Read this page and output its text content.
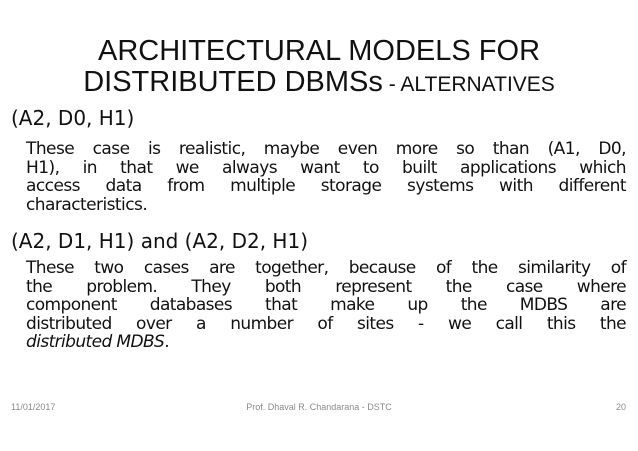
ARCHITECTURAL MODELS FOR
DISTRIBUTED DBMSs - ALTERNATIVES
(A2, D0, H1)
These case is realistic, maybe even more so than (A1, D0,
H1), in that we always want to built applications which
access data from multiple storage systems with different
characteristics.
(A2, D1, H1) and (A2, D2, H1)
These two cases are together, because of the similarity of
the problem. They both represent the case where
component databases that make up the MDBS are
distributed over a number of sites - we call this the
distributed MDBS.
11/01/2017	Prof. Dhaval R. Chandarana - DSTC	20
